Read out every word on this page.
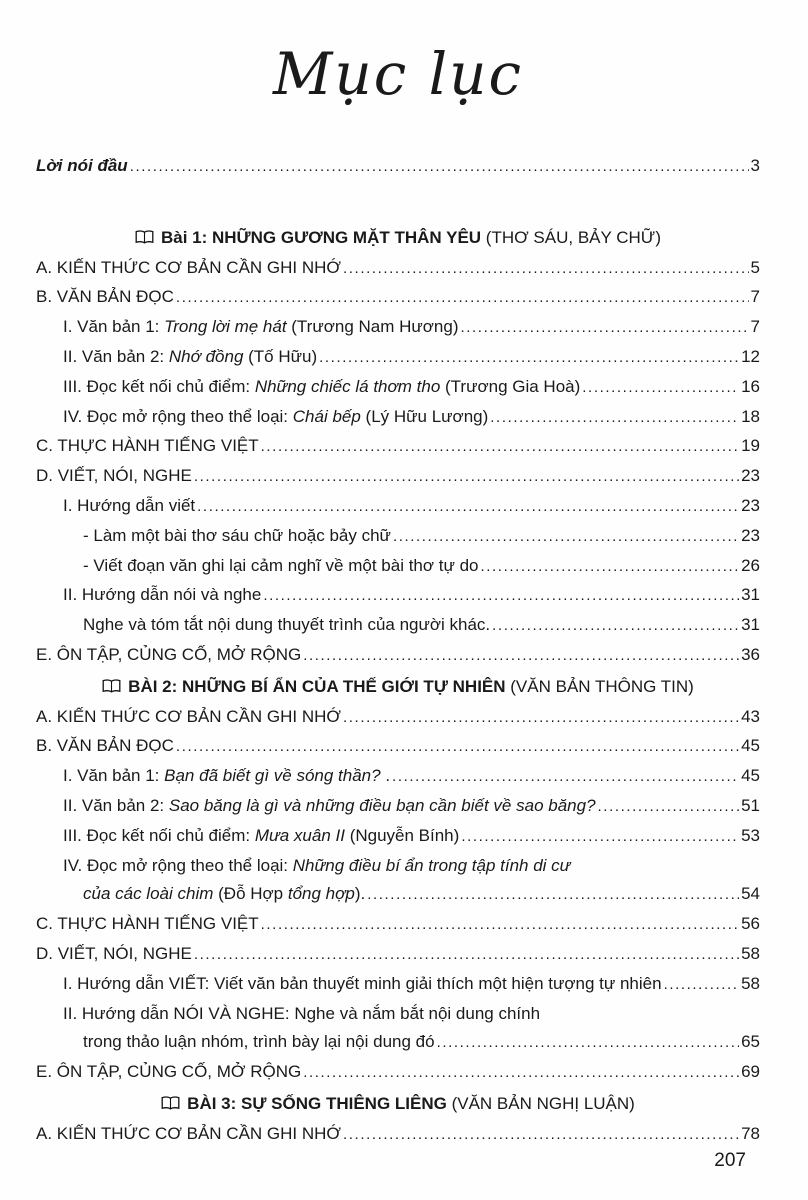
Mục lục
Lời nói đầu .....	3
Bài 1: NHỮNG GƯƠNG MẶT THÂN YÊU (THƠ SÁU, BẢY CHỮ)
A. KIẾN THỨC CƠ BẢN CẦN GHI NHỚ .....	5
B. VĂN BẢN ĐỌC .....	7
I. Văn bản 1: Trong lời mẹ hát (Trương Nam Hương) .....	7
II. Văn bản 2: Nhớ đồng (Tố Hữu) .....	12
III. Đọc kết nối chủ điểm: Những chiếc lá thơm tho (Trương Gia Hoà) .....	16
IV. Đọc mở rộng theo thể loại: Chái bếp (Lý Hữu Lương) .....	18
C. THỰC HÀNH TIẾNG VIỆT .....	19
D. VIẾT, NÓI, NGHE .....	23
I. Hướng dẫn viết .....	23
- Làm một bài thơ sáu chữ hoặc bảy chữ .....	23
- Viết đoạn văn ghi lại cảm nghĩ về một bài thơ tự do .....	26
II. Hướng dẫn nói và nghe .....	31
Nghe và tóm tắt nội dung thuyết trình của người khác. .....	31
E. ÔN TẬP, CỦNG CỐ, MỞ RỘNG .....	36
BÀI 2: NHỮNG BÍ ẨN CỦA THẾ GIỚI TỰ NHIÊN (VĂN BẢN THÔNG TIN)
A. KIẾN THỨC CƠ BẢN CẦN GHI NHỚ .....	43
B. VĂN BẢN ĐỌC .....	45
I. Văn bản 1: Bạn đã biết gì về sóng thần? . .....	45
II. Văn bản 2: Sao băng là gì và những điều bạn cần biết về sao băng? .....	51
III. Đọc kết nối chủ điểm: Mưa xuân II (Nguyễn Bính) .....	53
IV. Đọc mở rộng theo thể loại: Những điều bí ẩn trong tập tính di cư
của các loài chim (Đỗ Hợp tổng hợp). .....	54
C. THỰC HÀNH TIẾNG VIỆT .....	56
D. VIẾT, NÓI, NGHE .....	58
I. Hướng dẫn VIẾT: Viết văn bản thuyết minh giải thích một hiện tượng tự nhiên .....	58
II. Hướng dẫn NÓI VÀ NGHE: Nghe và nắm bắt nội dung chính
trong thảo luận nhóm, trình bày lại nội dung đó .....	65
E. ÔN TẬP, CỦNG CỐ, MỞ RỘNG .....	69
BÀI 3: SỰ SỐNG THIÊNG LIÊNG (VĂN BẢN NGHỊ LUẬN)
A. KIẾN THỨC CƠ BẢN CẦN GHI NHỚ .....	78
207
